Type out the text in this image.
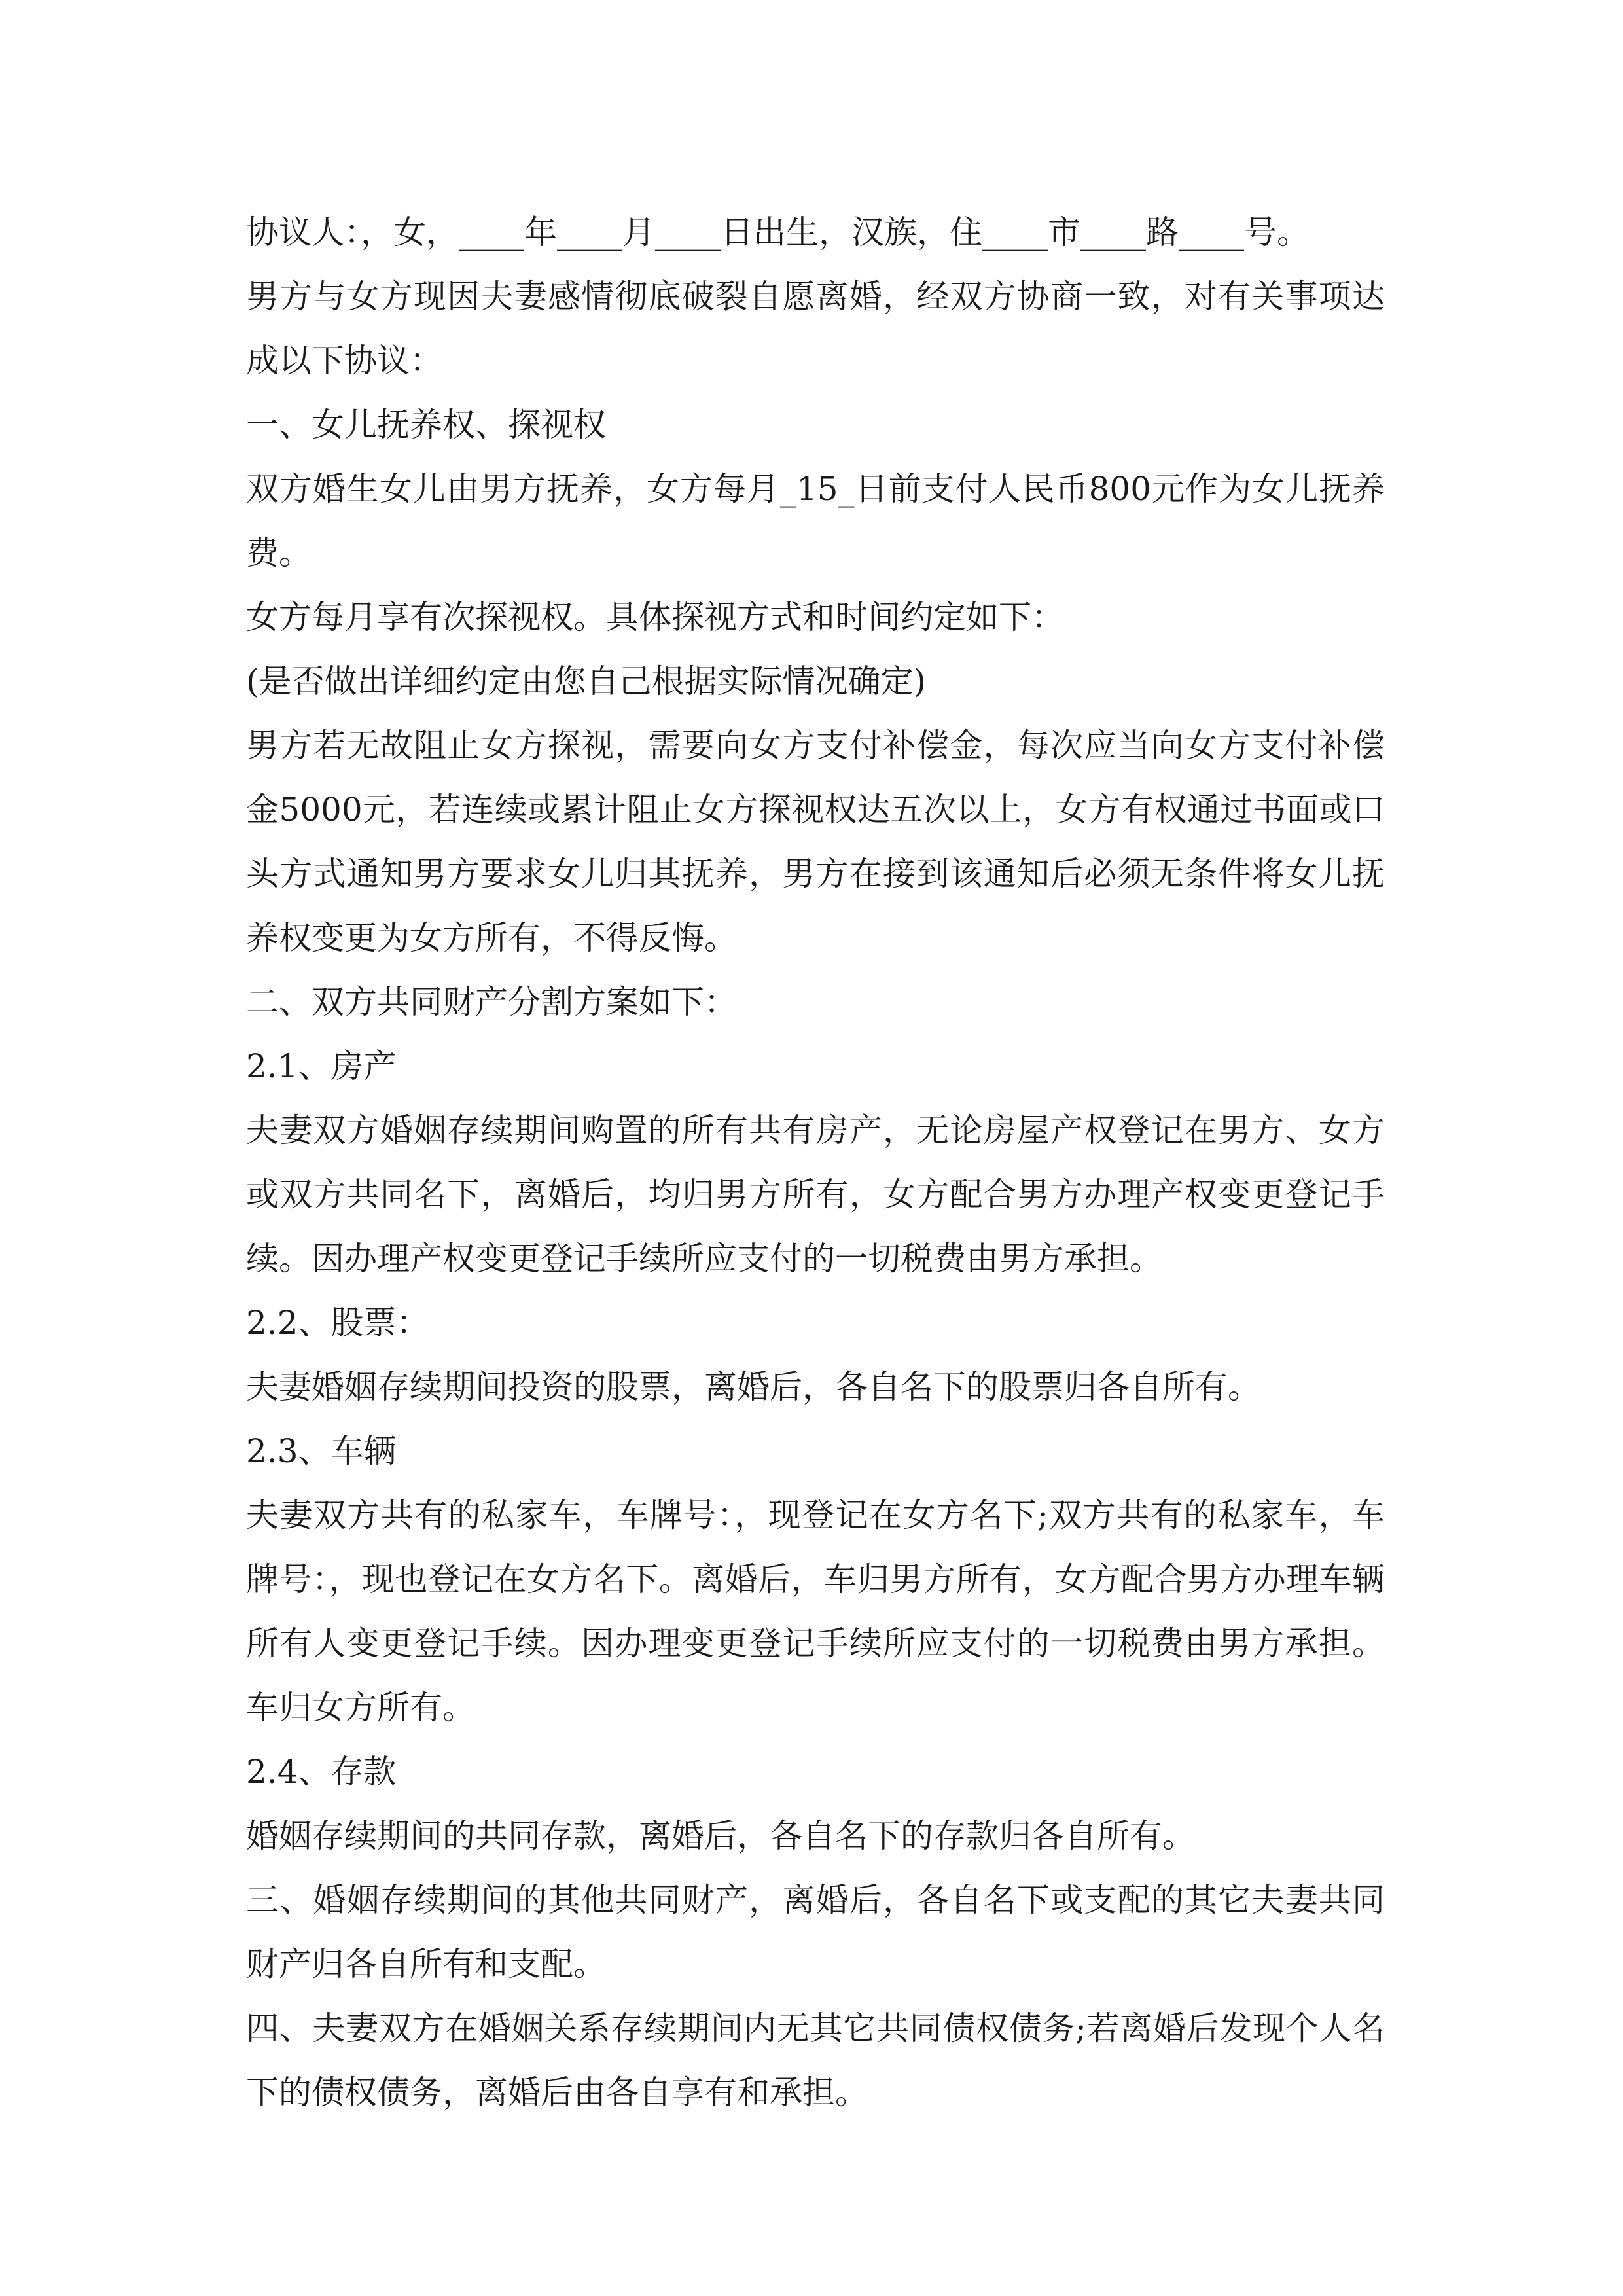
协议人：，女，____年____月____日出生，汉族，住____市____路____号。

男方与女方现因夫妻感情彻底破裂自愿离婚，经双方协商一致，对有关事项达成以下协议：

一、女儿抚养权、探视权

双方婚生女儿由男方抚养，女方每月_15_日前支付人民币800元作为女儿抚养费。

女方每月享有次探视权。具体探视方式和时间约定如下：

(是否做出详细约定由您自己根据实际情况确定)

男方若无故阻止女方探视，需要向女方支付补偿金，每次应当向女方支付补偿金5000元，若连续或累计阻止女方探视权达五次以上，女方有权通过书面或口头方式通知男方要求女儿归其抚养，男方在接到该通知后必须无条件将女儿抚养权变更为女方所有，不得反悔。

二、双方共同财产分割方案如下：

2.1、房产

夫妻双方婚姻存续期间购置的所有共有房产，无论房屋产权登记在男方、女方或双方共同名下，离婚后，均归男方所有，女方配合男方办理产权变更登记手续。因办理产权变更登记手续所应支付的一切税费由男方承担。

2.2、股票：

夫妻婚姻存续期间投资的股票，离婚后，各自名下的股票归各自所有。

2.3、车辆

夫妻双方共有的私家车，车牌号：，现登记在女方名下;双方共有的私家车，车牌号：，现也登记在女方名下。离婚后，车归男方所有，女方配合男方办理车辆所有人变更登记手续。因办理变更登记手续所应支付的一切税费由男方承担。车归女方所有。

2.4、存款

婚姻存续期间的共同存款，离婚后，各自名下的存款归各自所有。

三、婚姻存续期间的其他共同财产，离婚后，各自名下或支配的其它夫妻共同财产归各自所有和支配。

四、夫妻双方在婚姻关系存续期间内无其它共同债权债务;若离婚后发现个人名下的债权债务，离婚后由各自享有和承担。
